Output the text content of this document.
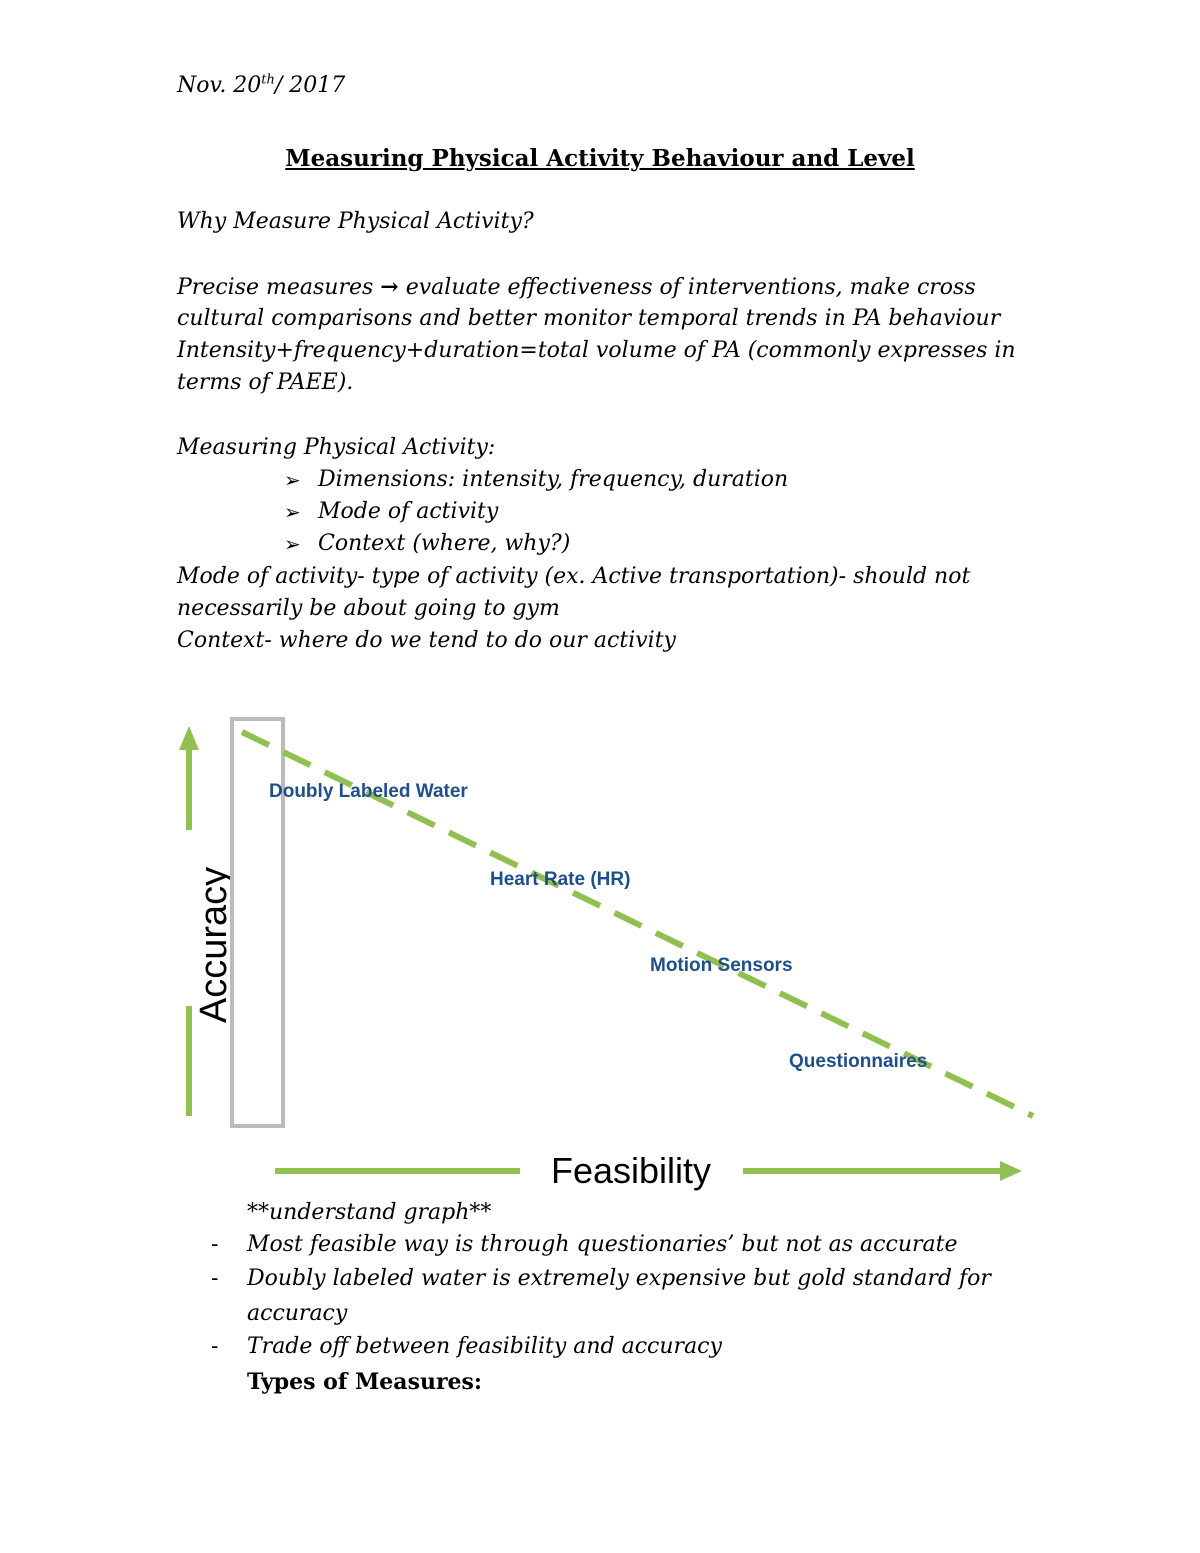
Nov. 20th/ 2017
Measuring Physical Activity Behaviour and Level
Why Measure Physical Activity?
Precise measures → evaluate effectiveness of interventions, make cross
cultural comparisons and better monitor temporal trends in PA behaviour
Intensity+frequency+duration=total volume of PA (commonly expresses in
terms of PAEE).
Measuring Physical Activity:
➢ Dimensions: intensity, frequency, duration
➢ Mode of activity
➢ Context (where, why?)
Mode of activity- type of activity (ex. Active transportation)- should not
necessarily be about going to gym
Context- where do we tend to do our activity
Accuracy
Doubly Labeled Water
Heart Rate (HR)
Motion Sensors
Questionnaires
Feasibility
**understand graph**
- Most feasible way is through questionaries’ but not as accurate
- Doubly labeled water is extremely expensive but gold standard for
accuracy
- Trade off between feasibility and accuracy
Types of Measures:
